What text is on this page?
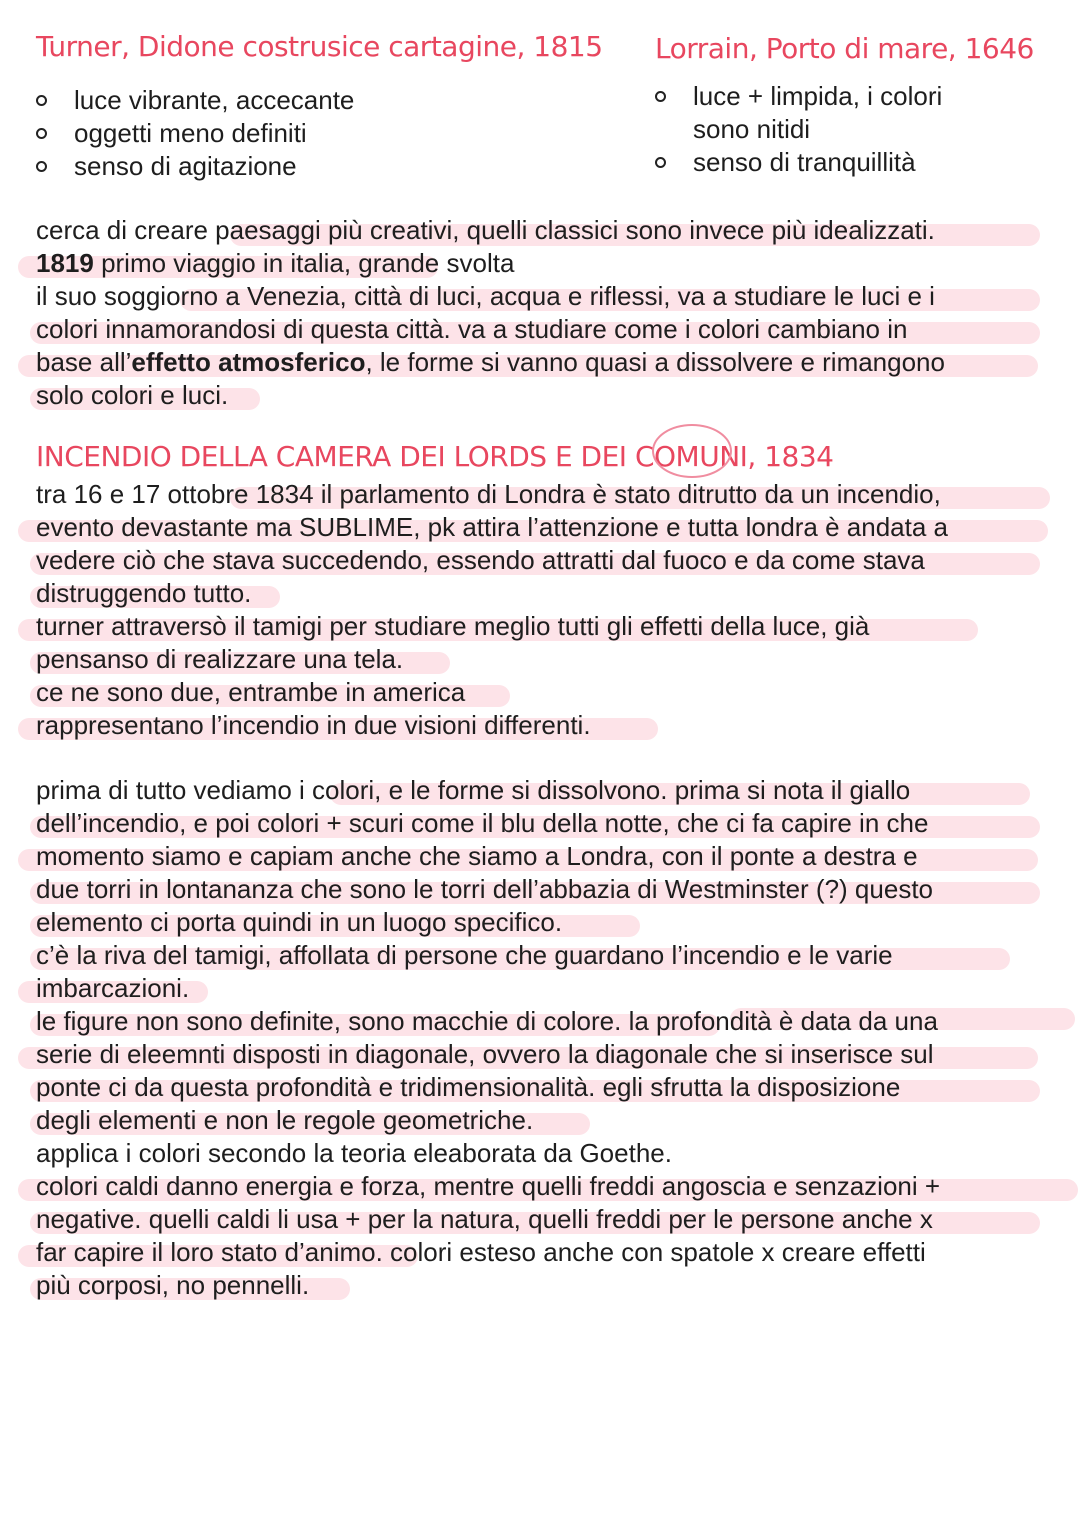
Turner, Didone costrusice cartagine, 1815
luce vibrante, accecante
oggetti meno definiti
senso di agitazione
Lorrain, Porto di mare, 1646
luce + limpida, i colori
sono nitidi
senso di tranquillità
cerca di creare paesaggi più creativi, quelli classici sono invece più idealizzati.
1819 primo viaggio in italia, grande svolta
il suo soggiorno a Venezia, città di luci, acqua e riflessi, va a studiare le luci e i
colori innamorandosi di questa città. va a studiare come i colori cambiano in
base all’effetto atmosferico, le forme si vanno quasi a dissolvere e rimangono
solo colori e luci.
INCENDIO DELLA CAMERA DEI LORDS E DEI COMUNI, 1834
tra 16 e 17 ottobre 1834 il parlamento di Londra è stato ditrutto da un incendio,
evento devastante ma SUBLIME, pk attira l’attenzione e tutta londra è andata a
vedere ciò che stava succedendo, essendo attratti dal fuoco e da come stava
distruggendo tutto.
turner attraversò il tamigi per studiare meglio tutti gli effetti della luce, già
pensanso di realizzare una tela.
ce ne sono due, entrambe in america
rappresentano l’incendio in due visioni differenti.
prima di tutto vediamo i colori, e le forme si dissolvono. prima si nota il giallo
dell’incendio, e poi colori + scuri come il blu della notte, che ci fa capire in che
momento siamo e capiam anche che siamo a Londra, con il ponte a destra e
due torri in lontananza che sono le torri dell’abbazia di Westminster (?) questo
elemento ci porta quindi in un luogo specifico.
c’è la riva del tamigi, affollata di persone che guardano l’incendio e le varie
imbarcazioni.
le figure non sono definite, sono macchie di colore. la profondità è data da una
serie di eleemnti disposti in diagonale, ovvero la diagonale che si inserisce sul
ponte ci da questa profondità e tridimensionalità. egli sfrutta la disposizione
degli elementi e non le regole geometriche.
applica i colori secondo la teoria eleaborata da Goethe.
colori caldi danno energia e forza, mentre quelli freddi angoscia e senzazioni +
negative. quelli caldi li usa + per la natura, quelli freddi per le persone anche x
far capire il loro stato d’animo. colori esteso anche con spatole x creare effetti
più corposi, no pennelli.
